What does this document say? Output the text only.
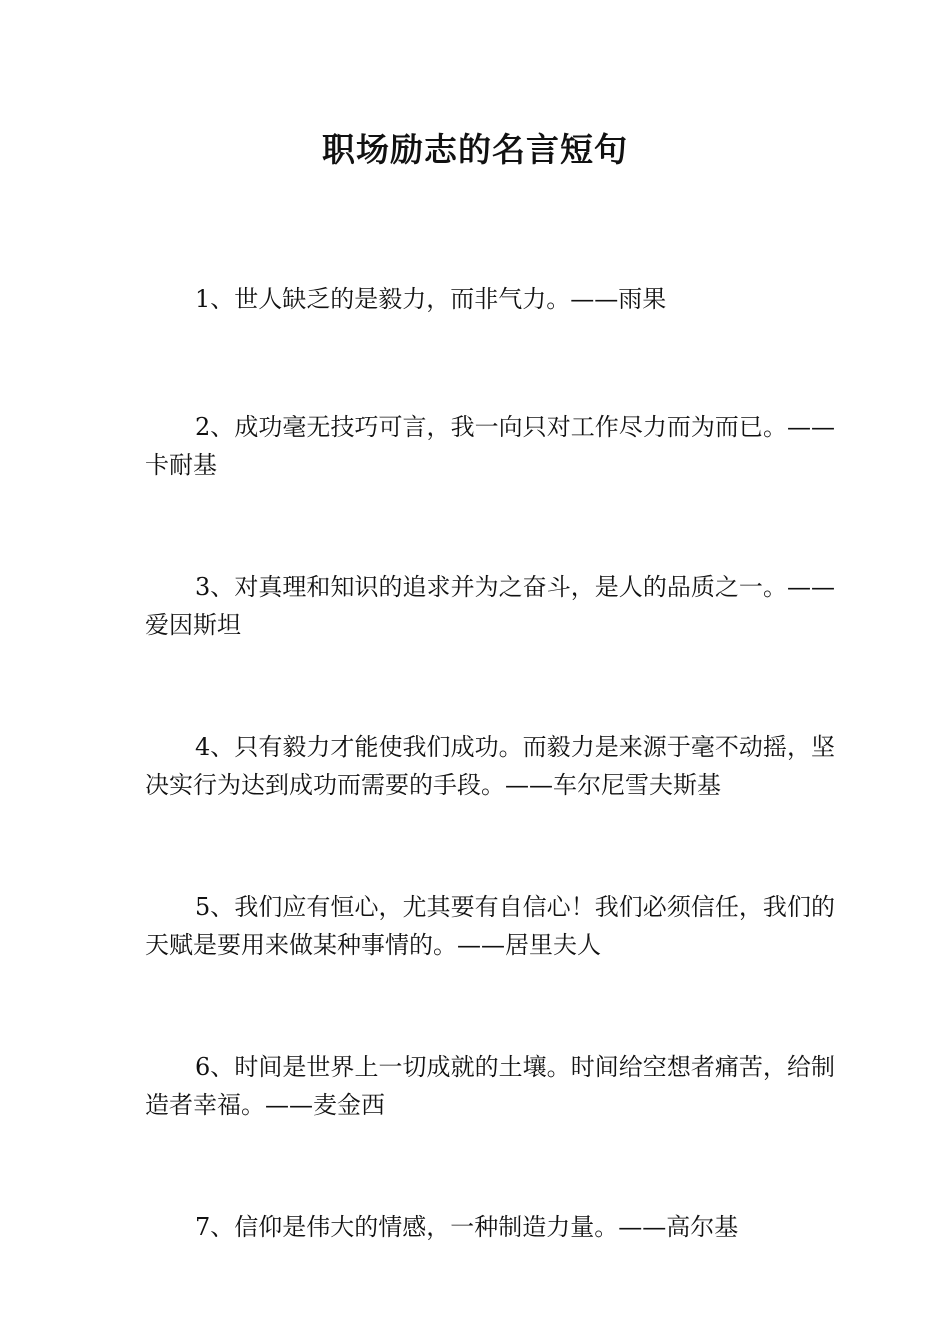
职场励志的名言短句
1、世人缺乏的是毅力，而非气力。——雨果
2、成功毫无技巧可言，我一向只对工作尽力而为而已。——卡耐基
3、对真理和知识的追求并为之奋斗，是人的品质之一。——爱因斯坦
4、只有毅力才能使我们成功。而毅力是来源于毫不动摇，坚决实行为达到成功而需要的手段。——车尔尼雪夫斯基
5、我们应有恒心，尤其要有自信心！我们必须信任，我们的天赋是要用来做某种事情的。——居里夫人
6、时间是世界上一切成就的土壤。时间给空想者痛苦，给制造者幸福。——麦金西
7、信仰是伟大的情感，一种制造力量。——高尔基
